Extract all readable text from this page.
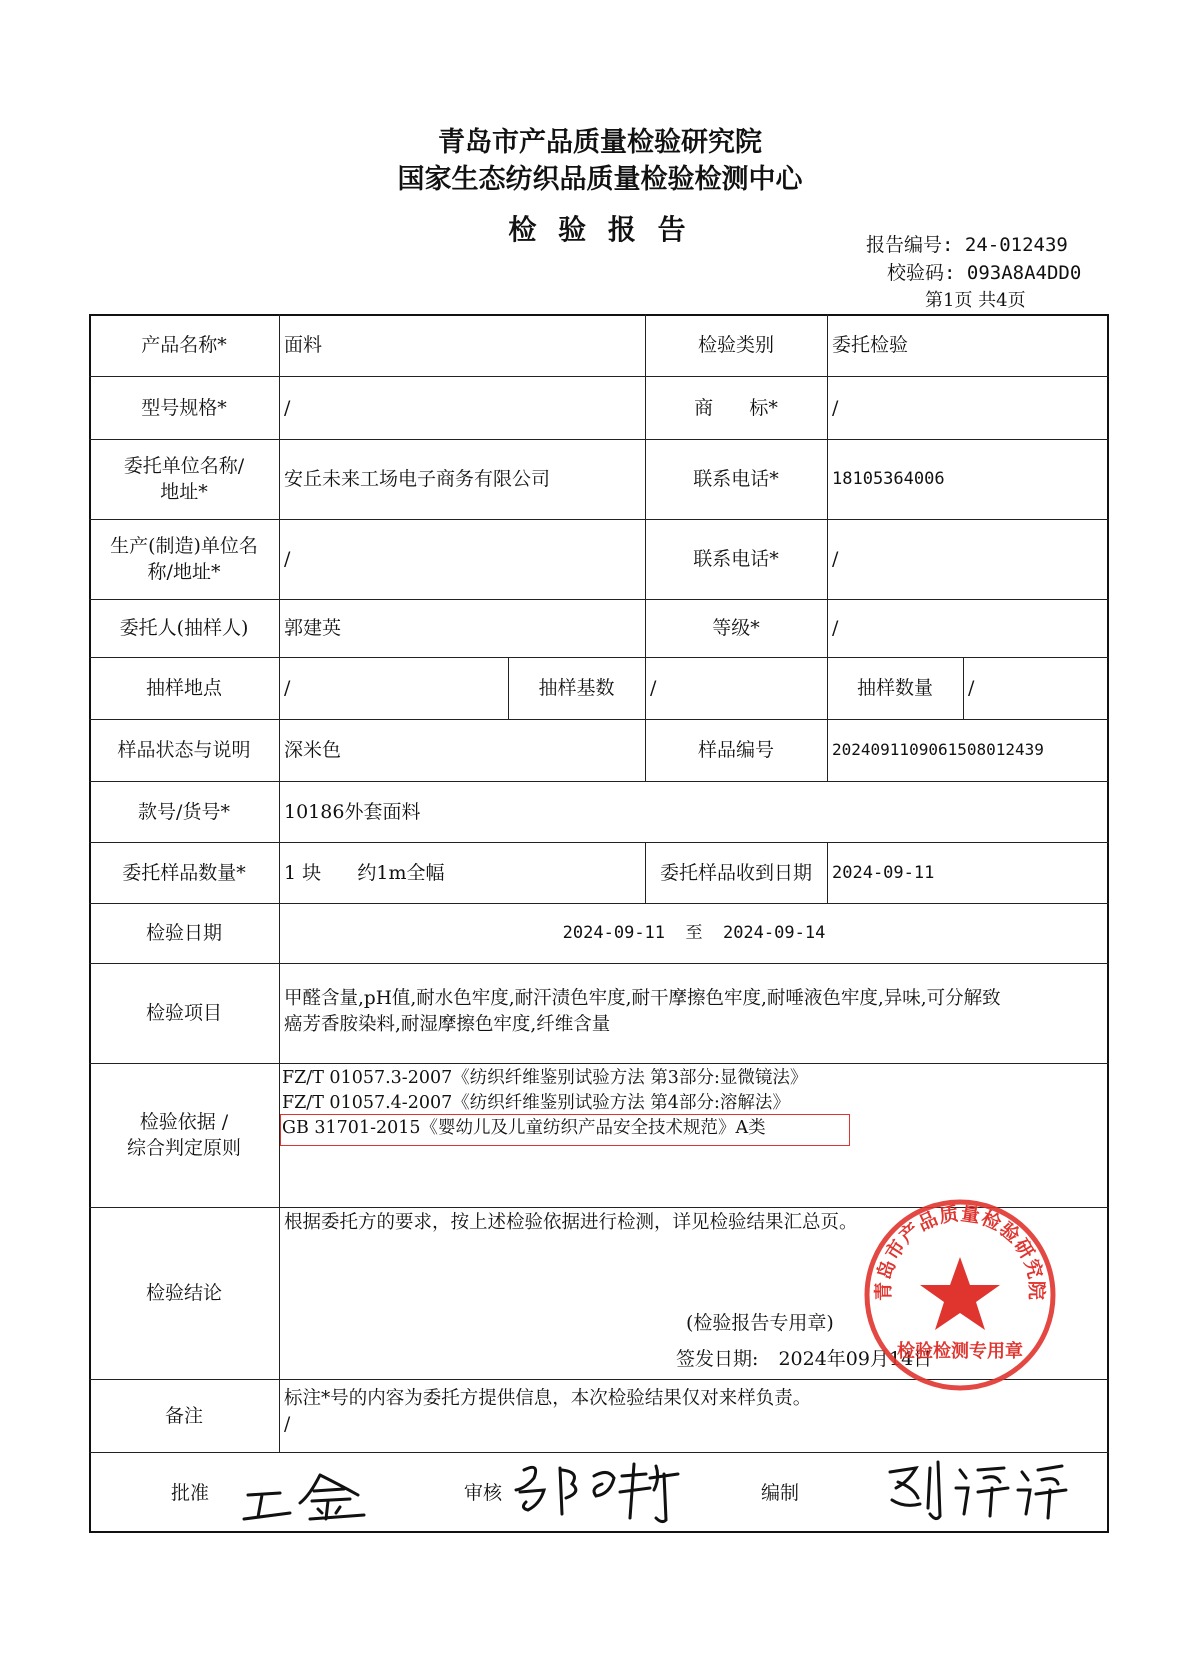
青岛市产品质量检验研究院
国家生态纺织品质量检验检测中心
检 验 报 告	报告编号: 24-012439
校验码: 093A8A4DD0
第1页 共4页
产品名称*	面料	检验类别	委托检验
型号规格*	/	商      标*	/
委托单位名称/
地址*
安丘未来工场电子商务有限公司	联系电话*	18105364006
生产(制造)单位名
称/地址*
/	联系电话*	/
委托人(抽样人)	郭建英	等级*	/
抽样地点	/	抽样基数	/	抽样数量	/
样品状态与说明	深米色	样品编号	2024091109061508012439
款号/货号*	10186外套面料
委托样品数量*	1 块      约1m全幅	委托样品收到日期	2024-09-11
检验日期	2024-09-11  至  2024-09-14
检验项目
甲醛含量,pH值,耐水色牢度,耐汗渍色牢度,耐干摩擦色牢度,耐唾液色牢度,异味,可分解致
癌芳香胺染料,耐湿摩擦色牢度,纤维含量
检验依据 /
综合判定原则
FZ/T 01057.3-2007《纺织纤维鉴别试验方法 第3部分:显微镜法》
FZ/T 01057.4-2007《纺织纤维鉴别试验方法 第4部分:溶解法》
GB 31701-2015《婴幼儿及儿童纺织产品安全技术规范》A类
检验结论
根据委托方的要求，按上述检验依据进行检测，详见检验结果汇总页。
(检验报告专用章)
签发日期: 2024年09月14日
备注
标注*号的内容为委托方提供信息，本次检验结果仅对来样负责。
/
批准	审核	编制
青岛市产品质量检验研究院
检验检测专用章
